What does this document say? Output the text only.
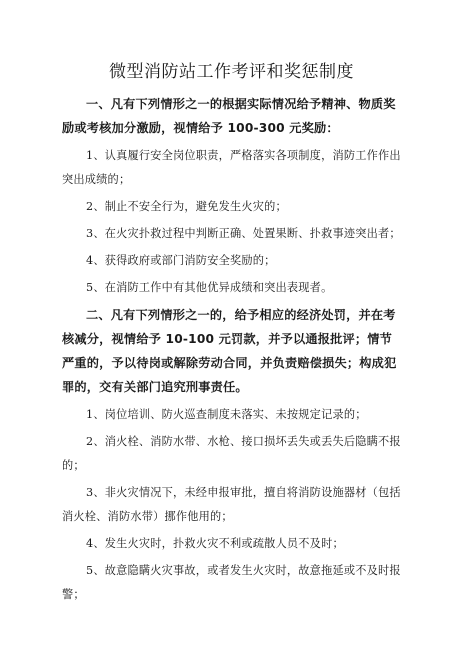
微型消防站工作考评和奖惩制度

一、凡有下列情形之一的根据实际情况给予精神、物质奖励或考核加分激励，视情给予 100-300 元奖励：

1、认真履行安全岗位职责，严格落实各项制度，消防工作作出突出成绩的；

2、制止不安全行为，避免发生火灾的；

3、在火灾扑救过程中判断正确、处置果断、扑救事迹突出者；

4、获得政府或部门消防安全奖励的；

5、在消防工作中有其他优异成绩和突出表现者。

二、凡有下列情形之一的，给予相应的经济处罚，并在考核减分，视情给予 10-100 元罚款，并予以通报批评；情节严重的，予以待岗或解除劳动合同，并负责赔偿损失；构成犯罪的，交有关部门追究刑事责任。

1、岗位培训、防火巡查制度未落实、未按规定记录的；

2、消火栓、消防水带、水枪、接口损坏丢失或丢失后隐瞒不报的；

3、非火灾情况下，未经申报审批，擅自将消防设施器材（包括消火栓、消防水带）挪作他用的；

4、发生火灾时，扑救火灾不利或疏散人员不及时；

5、故意隐瞒火灾事故，或者发生火灾时，故意拖延或不及时报警；
